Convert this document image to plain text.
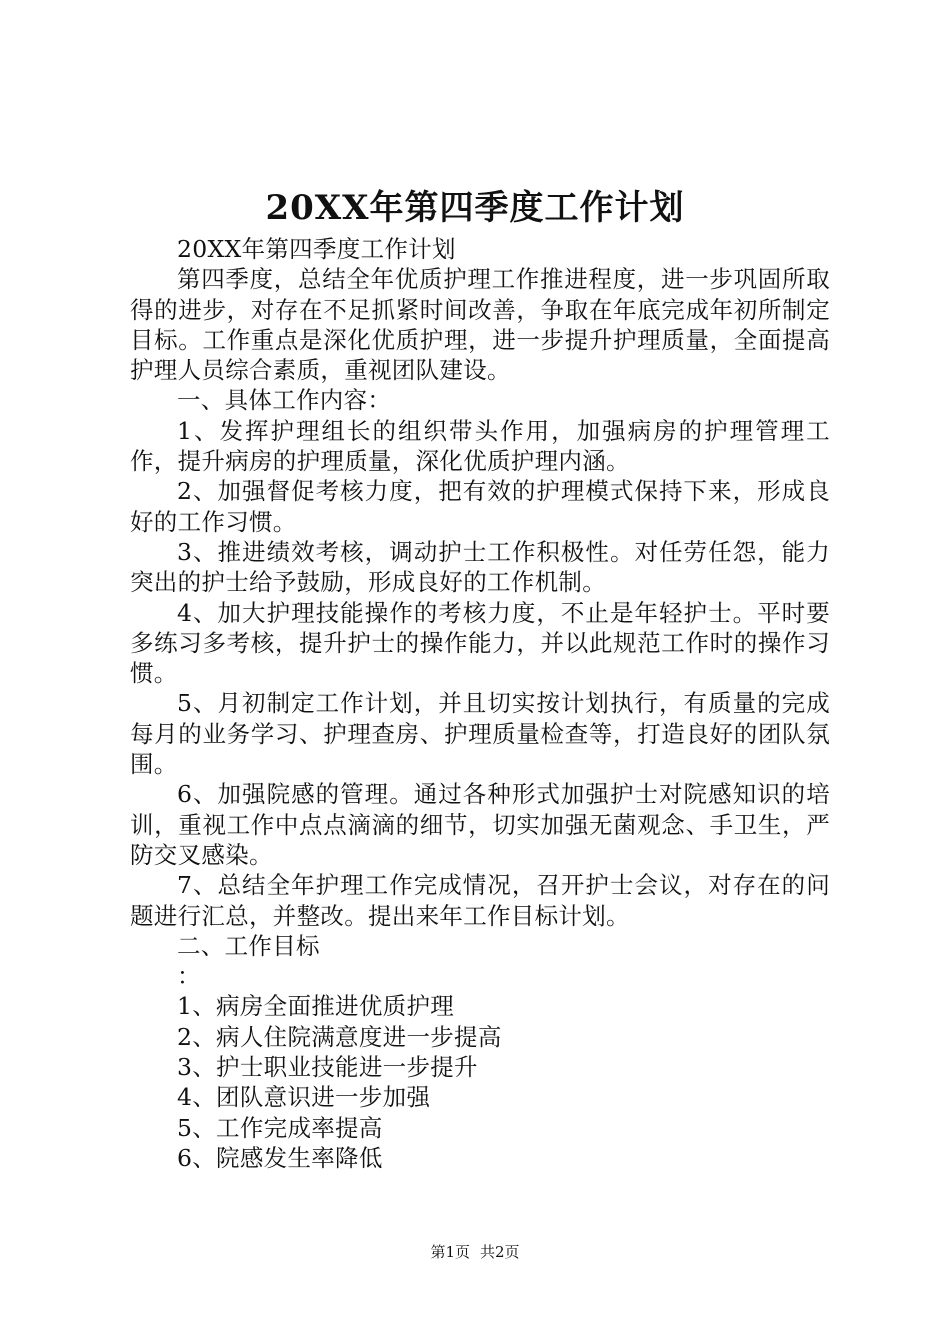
20XX年第四季度工作计划

20XX年第四季度工作计划

第四季度，总结全年优质护理工作推进程度，进一步巩固所取得的进步，对存在不足抓紧时间改善，争取在年底完成年初所制定目标。工作重点是深化优质护理，进一步提升护理质量，全面提高护理人员综合素质，重视团队建设。

一、具体工作内容：

1、发挥护理组长的组织带头作用，加强病房的护理管理工作，提升病房的护理质量，深化优质护理内涵。

2、加强督促考核力度，把有效的护理模式保持下来，形成良好的工作习惯。

3、推进绩效考核，调动护士工作积极性。对任劳任怨，能力突出的护士给予鼓励，形成良好的工作机制。

4、加大护理技能操作的考核力度，不止是年轻护士。平时要多练习多考核，提升护士的操作能力，并以此规范工作时的操作习惯。

5、月初制定工作计划，并且切实按计划执行，有质量的完成每月的业务学习、护理查房、护理质量检查等，打造良好的团队氛围。

6、加强院感的管理。通过各种形式加强护士对院感知识的培训，重视工作中点点滴滴的细节，切实加强无菌观念、手卫生，严防交叉感染。

7、总结全年护理工作完成情况，召开护士会议，对存在的问题进行汇总，并整改。提出来年工作目标计划。

二、工作目标

：

1、病房全面推进优质护理

2、病人住院满意度进一步提高

3、护士职业技能进一步提升

4、团队意识进一步加强

5、工作完成率提高

6、院感发生率降低

第1页 共2页
